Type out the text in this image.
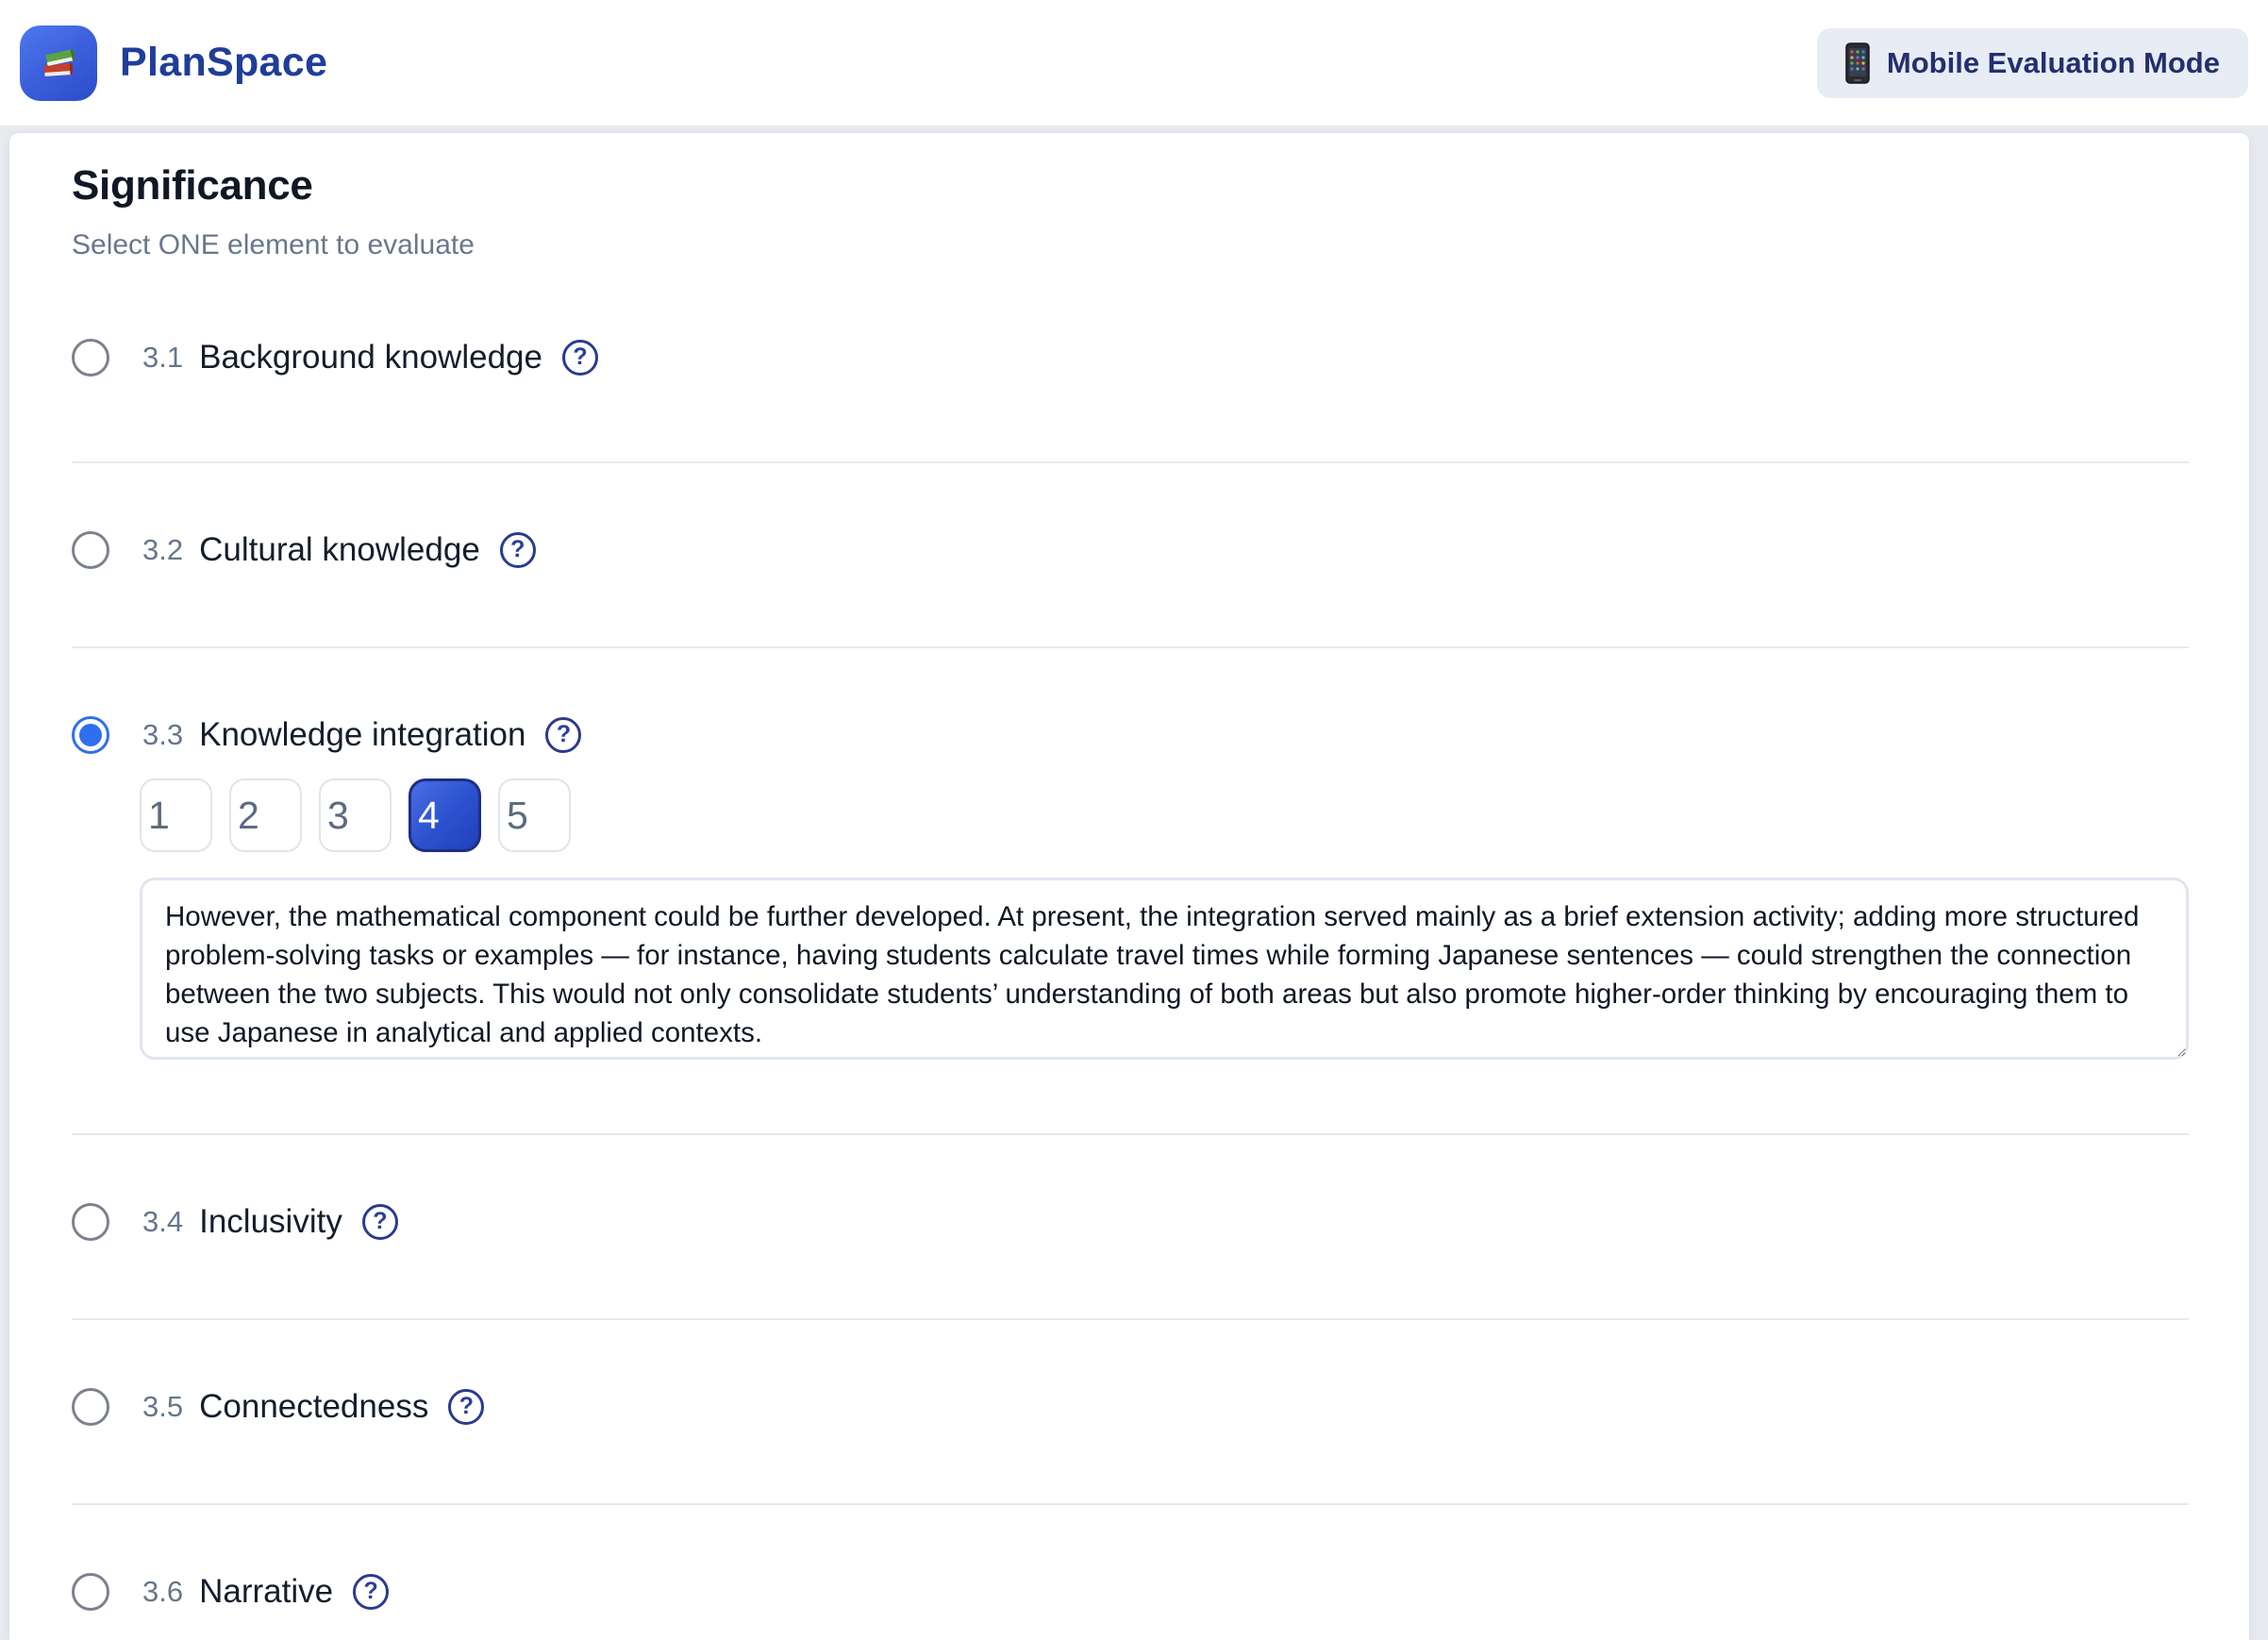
PlanSpace	Mobile Evaluation Mode
Significance
Select ONE element to evaluate
3.1 Background knowledge	?
3.2 Cultural knowledge	?
3.3 Knowledge integration	?
1	2	3	4	5
However, the mathematical component could be further developed. At present, the integration served mainly as a brief extension activity; adding more structured problem-solving tasks or examples — for instance, having students calculate travel times while forming Japanese sentences — could strengthen the connection between the two subjects. This would not only consolidate students’ understanding of both areas but also promote higher-order thinking by encouraging them to use Japanese in analytical and applied contexts.
3.4 Inclusivity	?
3.5 Connectedness	?
3.6 Narrative	?
